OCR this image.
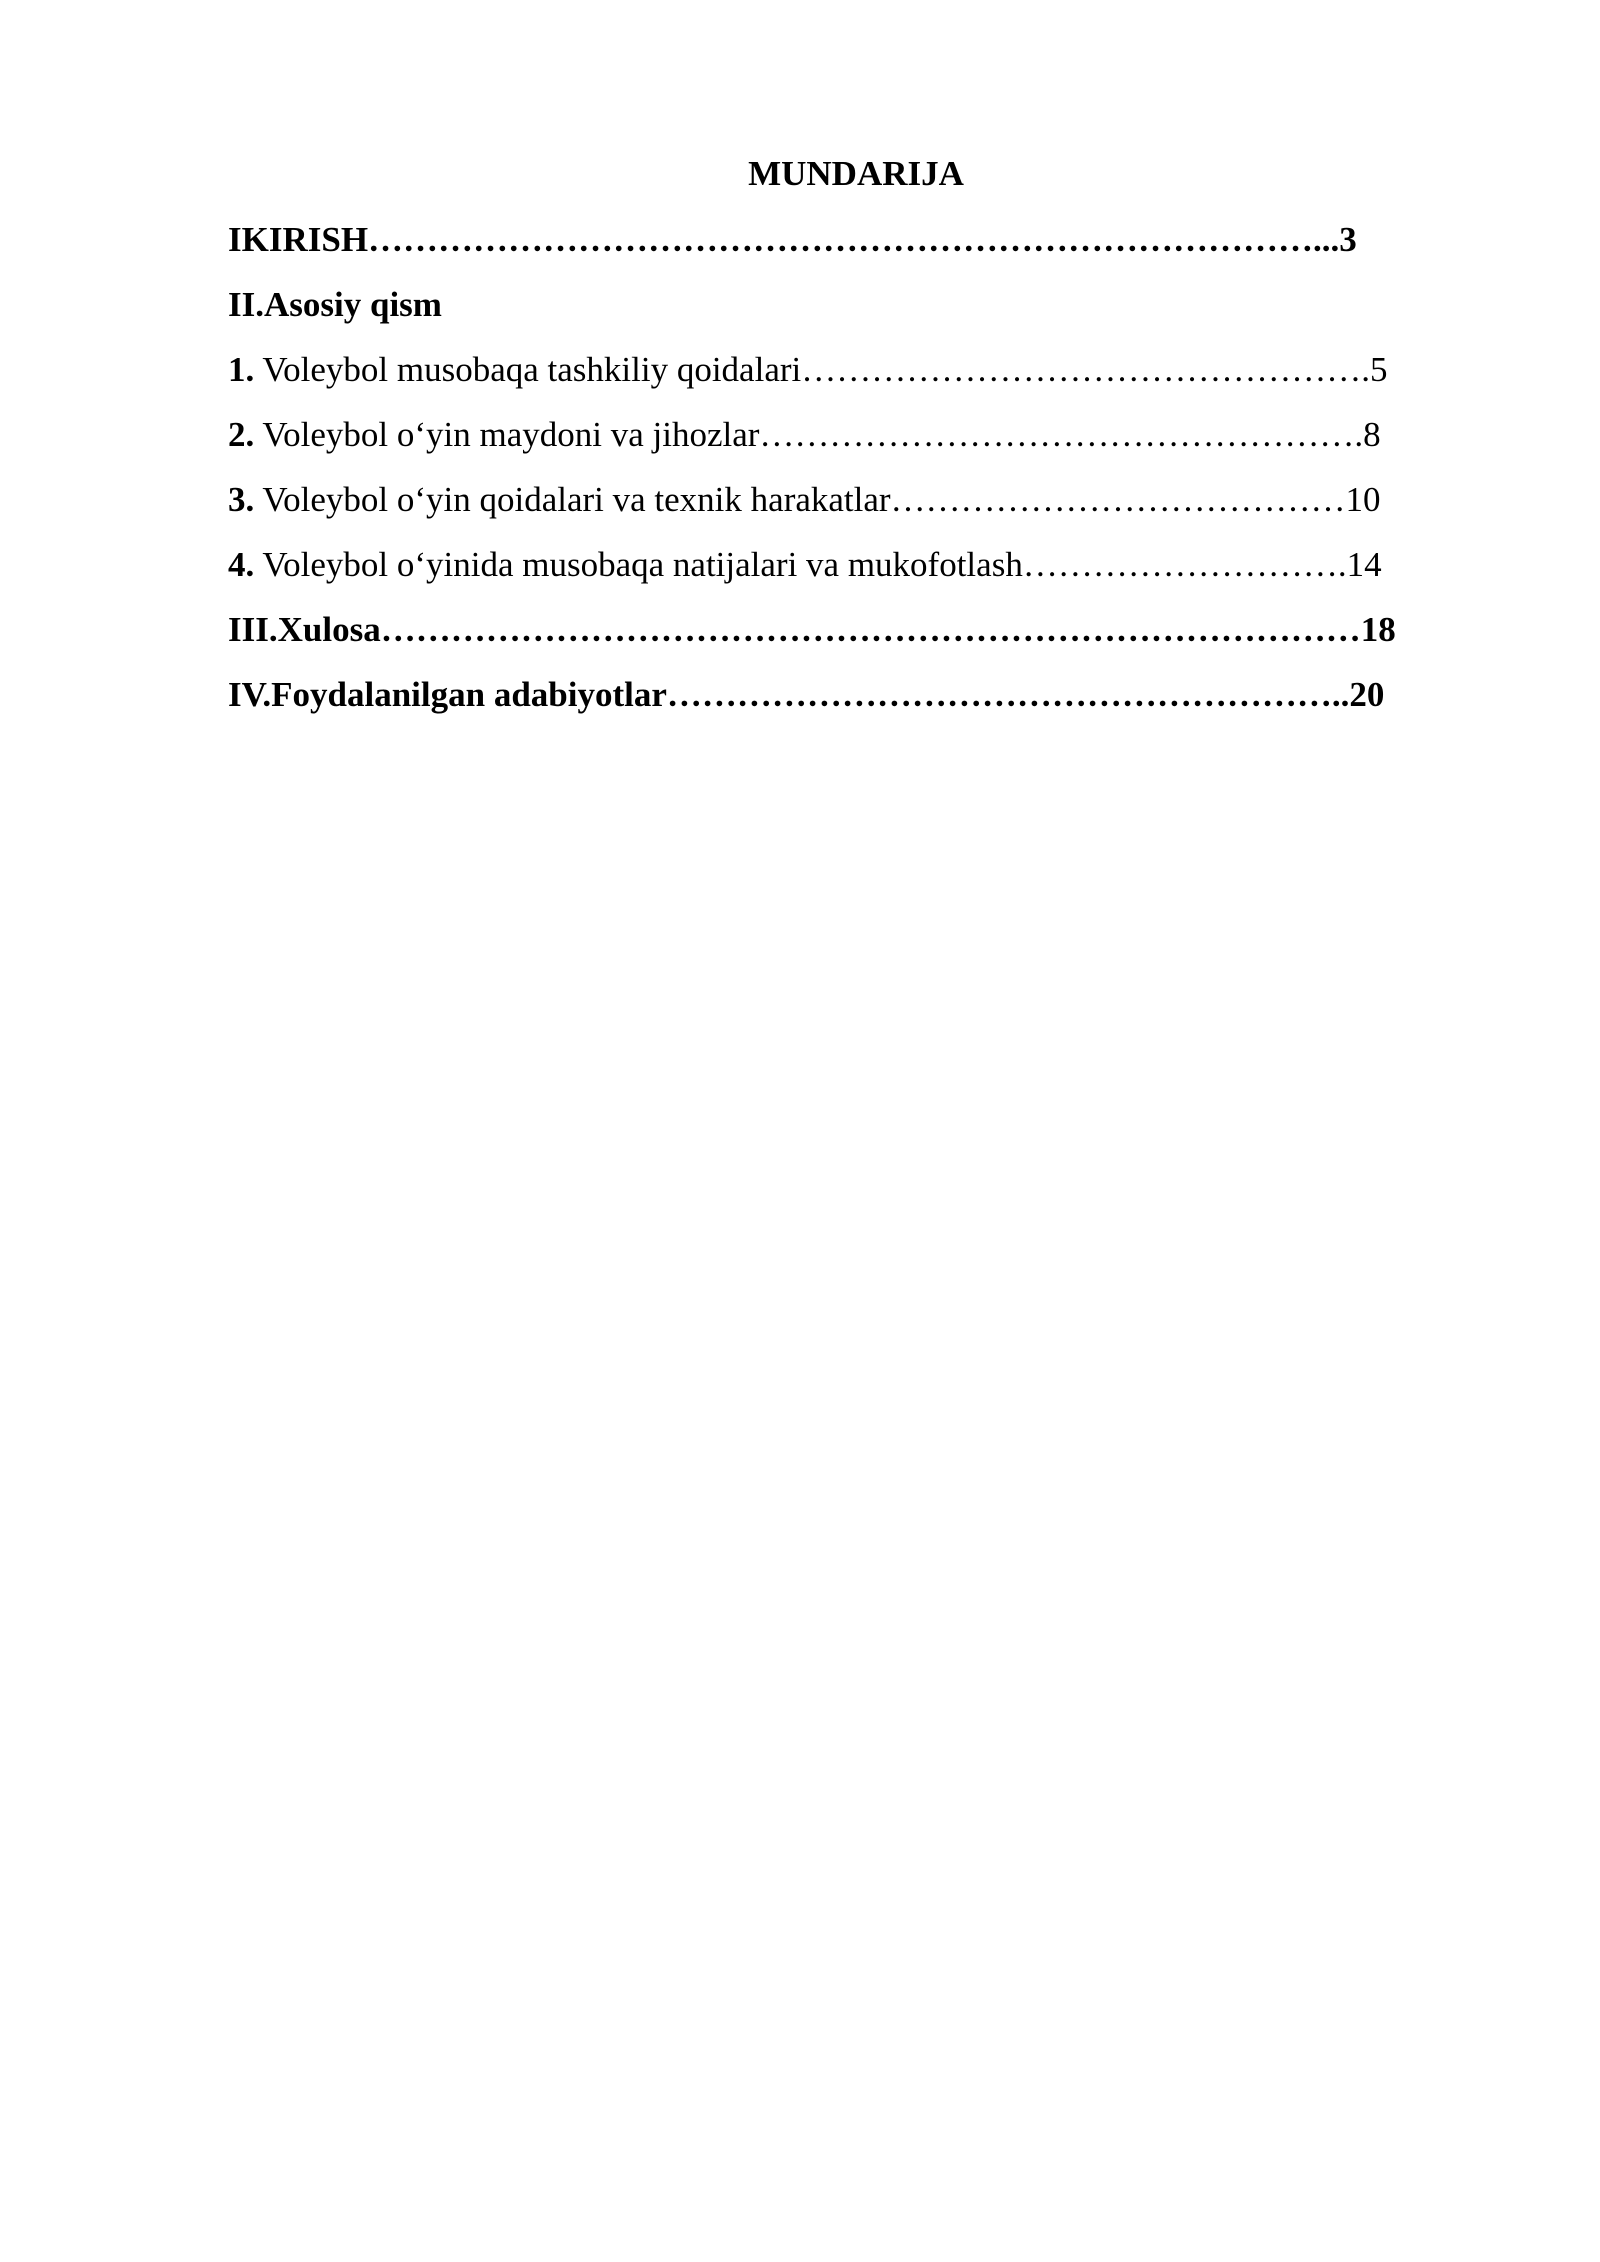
MUNDARIJA
IKIRISH………………………………………………………………………...3
II.Asosiy qism
1. Voleybol musobaqa tashkiliy qoidalari………………………………………….5
2. Voleybol o‘yin maydoni va jihozlar…………………………………………….8
3. Voleybol o‘yin qoidalari va texnik harakatlar…………………………………10
4. Voleybol o‘yinida musobaqa natijalari va mukofotlash……………………….14
III.Xulosa…………………………………………………………………………18
IV.Foydalanilgan adabiyotlar…………………………………………………..20
